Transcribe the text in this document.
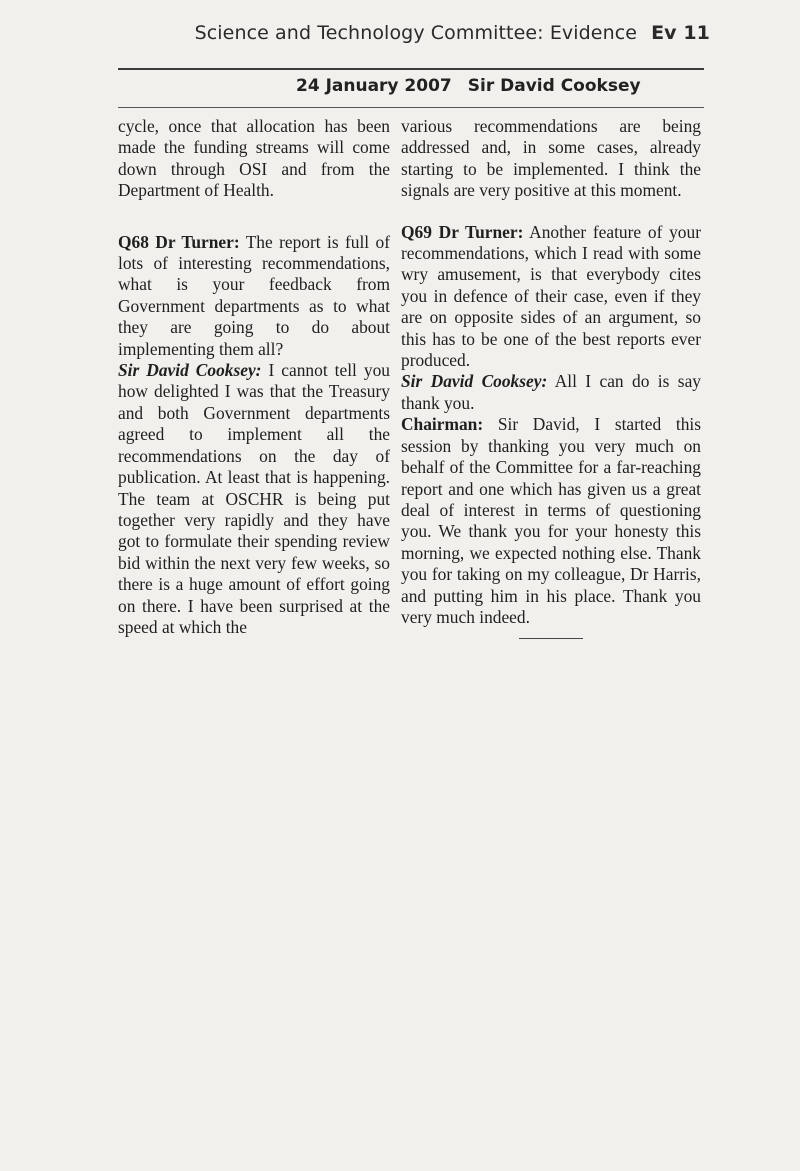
Science and Technology Committee: Evidence Ev 11
24 January 2007 Sir David Cooksey

cycle, once that allocation has been made the funding streams will come down through OSI and from the Department of Health.

Q68 Dr Turner: The report is full of lots of interesting recommendations, what is your feedback from Government departments as to what they are going to do about implementing them all?

Sir David Cooksey: I cannot tell you how delighted I was that the Treasury and both Government departments agreed to implement all the recommendations on the day of publication. At least that is happening. The team at OSCHR is being put together very rapidly and they have got to formulate their spending review bid within the next very few weeks, so there is a huge amount of effort going on there. I have been surprised at the speed at which the

various recommendations are being addressed and, in some cases, already starting to be implemented. I think the signals are very positive at this moment.

Q69 Dr Turner: Another feature of your recommendations, which I read with some wry amusement, is that everybody cites you in defence of their case, even if they are on opposite sides of an argument, so this has to be one of the best reports ever produced.

Sir David Cooksey: All I can do is say thank you.

Chairman: Sir David, I started this session by thanking you very much on behalf of the Committee for a far-reaching report and one which has given us a great deal of interest in terms of questioning you. We thank you for your honesty this morning, we expected nothing else. Thank you for taking on my colleague, Dr Harris, and putting him in his place. Thank you very much indeed.
